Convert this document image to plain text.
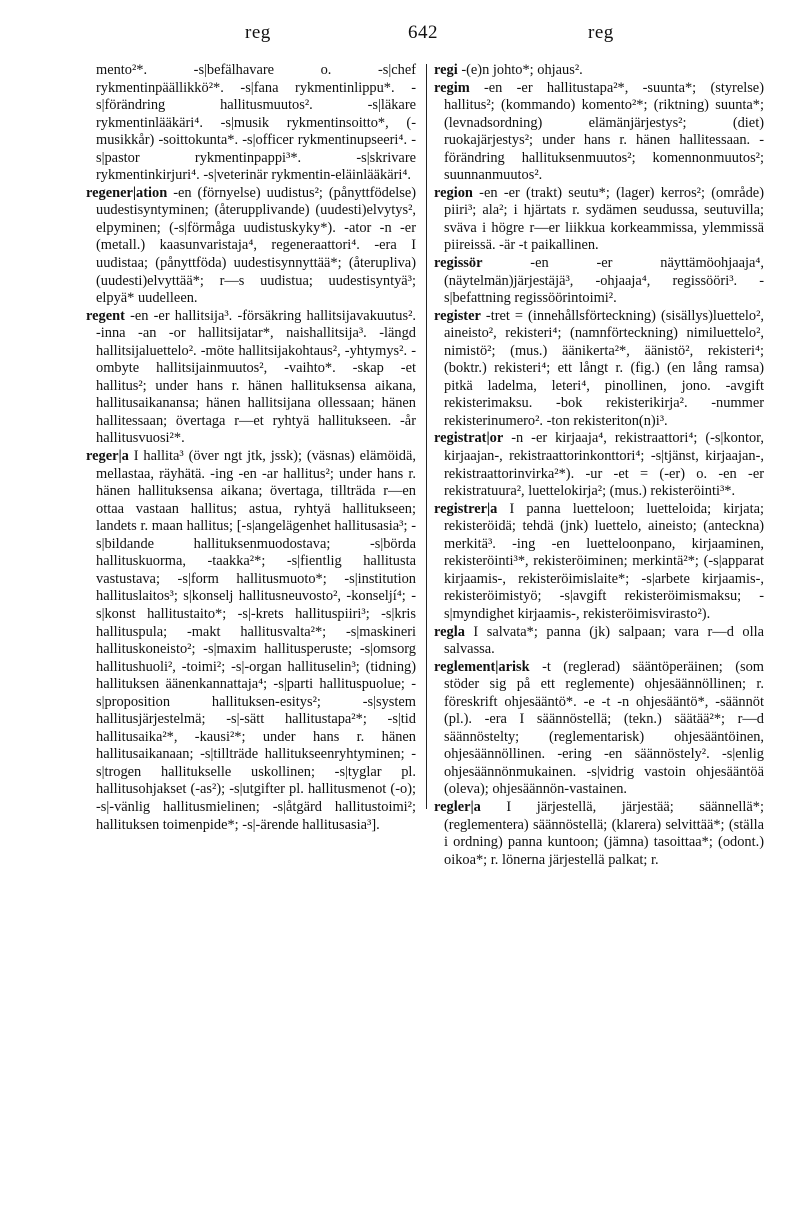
reg	642	reg

mento²*. -s|befälhavare o. -s|chef rykmentinpäällikkö²*. -s|fana rykmentinlippu*. -s|förändring hallitusmuutos². -s|läkare rykmentinlääkäri⁴. -s|musik rykmentinsoitto*, (-musikkår) -soittokunta*. -s|officer rykmentinupseeri⁴. -s|pastor rykmentinpappi³*. -s|skrivare rykmentinkirjuri⁴. -s|veterinär rykmentin-eläinlääkäri⁴.

regener|ation -en (förnyelse) uudistus²; (pånyttfödelse) uudestisyntyminen; (återupplivande) (uudesti)elvytys², elpyminen; (-s|förmåga uudistuskyky*). -ator -n -er (metall.) kaasunvaristaja⁴, regeneraattori⁴. -era I uudistaa; (pånyttföda) uudestisynnyttää*; (återupliva) (uudesti)elvyttää*; r—s uudistua; uudestisyntyä³; elpyä* uudelleen.

regent -en -er hallitsija³. -försäkring hallitsijavakuutus². -inna -an -or hallitsijatar*, naishallitsija³. -längd hallitsijaluettelo². -möte hallitsijakohtaus², -yhtymys². -ombyte hallitsijainmuutos², -vaihto*. -skap -et hallitus²; under hans r. hänen hallituksensa aikana, hallitusaikanansa; hänen hallitsijana ollessaan; hänen hallitessaan; övertaga r—et ryhtyä hallitukseen. -år hallitusvuosi²*.

reger|a I hallita³ (över ngt jtk, jssk); (väsnas) elämöidä, mellastaa, räyhätä. -ing -en -ar hallitus²; under hans r. hänen hallituksensa aikana; övertaga, tillträda r—en ottaa vastaan hallitus; astua, ryhtyä hallitukseen; landets r. maan hallitus; [-s|angelägenhet hallitusasia³; -s|bildande hallituksenmuodostava; -s|börda hallituskuorma, -taakka²*; -s|fientlig hallitusta vastustava; -s|form hallitusmuoto*; -s|institution hallituslaitos³; s|konselj hallitusneuvosto², -konseljí⁴; -s|konst hallitustaito*; -s|-krets hallituspiiri³; -s|kris hallituspula; -makt hallitusvalta²*; -s|maskineri hallituskoneisto²; -s|maxim hallitusperuste; -s|omsorg hallitushuoli², -toimi²; -s|-organ hallituselin³; (tidning) hallituksen äänenkannattaja⁴; -s|parti hallituspuolue; -s|proposition hallituksen-esitys²; -s|system hallitusjärjestelmä; -s|-sätt hallitustapa²*; -s|tid hallitusaika²*, -kausi²*; under hans r. hänen hallitusaikanaan; -s|tillträde hallitukseenryhtyminen; -s|trogen hallitukselle uskollinen; -s|tyglar pl. hallitusohjakset (-as²); -s|utgifter pl. hallitusmenot (-o); -s|-vänlig hallitusmielinen; -s|åtgärd hallitustoimi²; hallituksen toimenpide*; -s|-ärende hallitusasia³].

regi -(e)n johto*; ohjaus².

regim -en -er hallitustapa²*, -suunta*; (styrelse) hallitus²; (kommando) komento²*; (riktning) suunta*; (levnadsordning) elämänjärjestys²; (diet) ruokajärjestys²; under hans r. hänen hallitessaan. -förändring hallituksenmuutos²; komennonmuutos²; suunnanmuutos².

region -en -er (trakt) seutu*; (lager) kerros²; (område) piiri³; ala²; i hjärtats r. sydämen seudussa, seutuvilla; sväva i högre r—er liikkua korkeammissa, ylemmissä piireissä. -är -t paikallinen.

regissör -en -er näyttämöohjaaja⁴, (näytelmän)järjestäjä³, -ohjaaja⁴, regissööri³. -s|befattning regissöörintoimi².

register -tret = (innehållsförteckning) (sisällys)luettelo², aineisto², rekisteri⁴; (namnförteckning) nimiluettelo², nimistö²; (mus.) äänikerta²*, äänistö², rekisteri⁴; (boktr.) rekisteri⁴; ett långt r. (fig.) (en lång ramsa) pitkä ladelma, leteri⁴, pinollinen, jono. -avgift rekisterimaksu. -bok rekisterikirja². -nummer rekisterinumero². -ton rekisteriton(n)i³.

registrat|or -n -er kirjaaja⁴, rekistraattori⁴; (-s|kontor, kirjaajan-, rekistraattorinkonttori⁴; -s|tjänst, kirjaajan-, rekistraattorinvirka²*). -ur -et = (-er) o. -en -er rekistratuura², luettelokirja²; (mus.) rekisteröinti³*.

registrer|a I panna luetteloon; luetteloida; kirjata; rekisteröidä; tehdä (jnk) luettelo, aineisto; (anteckna) merkitä³. -ing -en luetteloonpano, kirjaaminen, rekisteröinti³*, rekisteröiminen; merkintä²*; (-s|apparat kirjaamis-, rekisteröimislaite*; -s|arbete kirjaamis-, rekisteröimistyö; -s|avgift rekisteröimismaksu; -s|myndighet kirjaamis-, rekisteröimisvirasto²).

regla I salvata*; panna (jk) salpaan; vara r—d olla salvassa.

reglement|arisk -t (reglerad) sääntöperäinen; (som stöder sig på ett reglemente) ohjesäännöllinen; r. föreskrift ohjesääntö*. -e -t -n ohjesääntö*, -säännöt (pl.). -era I säännöstellä; (tekn.) säätää²*; r—d säännöstelty; (reglementarisk) ohjesääntöinen, ohjesäännöllinen. -ering -en säännöstely². -s|enlig ohjesäännönmukainen. -s|vidrig vastoin ohjesääntöä (oleva); ohjesäännön-vastainen.

regler|a I järjestellä, järjestää; säännellä*; (reglementera) säännöstellä; (klarera) selvittää*; (ställa i ordning) panna kuntoon; (jämna) tasoittaa*; (odont.) oikoa*; r. lönerna järjestellä palkat; r.
